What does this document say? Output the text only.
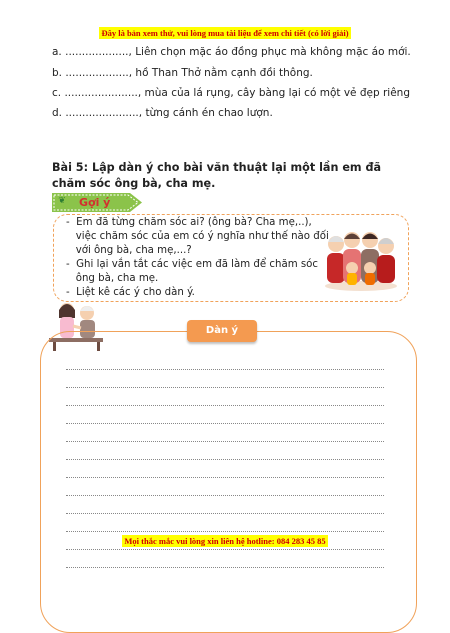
Đây là bản xem thử, vui lòng mua tài liệu để xem chi tiết (có lời giải)
a. ..................., Liên chọn mặc áo đồng phục mà không mặc áo mới.
b. ..................., hồ Than Thở nằm cạnh đồi thông.
c. ......................, mùa của lá rụng, cây bàng lại có một vẻ đẹp riêng
d. ......................, từng cánh én chao lượn.
Bài 5: Lập dàn ý cho bài văn thuật lại một lần em đã chăm sóc ông bà, cha mẹ.
❦ Gợi ý
-  Em đã từng chăm sóc ai? (ông bà? Cha mẹ,..),
việc chăm sóc của em có ý nghĩa như thế nào đối
với ông bà, cha mẹ,...?
-  Ghi lại vắn tắt các việc em đã làm để chăm sóc
ông bà, cha mẹ.
-  Liệt kê các ý cho dàn ý.
Dàn ý
Mọi thắc mắc vui lòng xin liên hệ hotline: 084 283 45 85
